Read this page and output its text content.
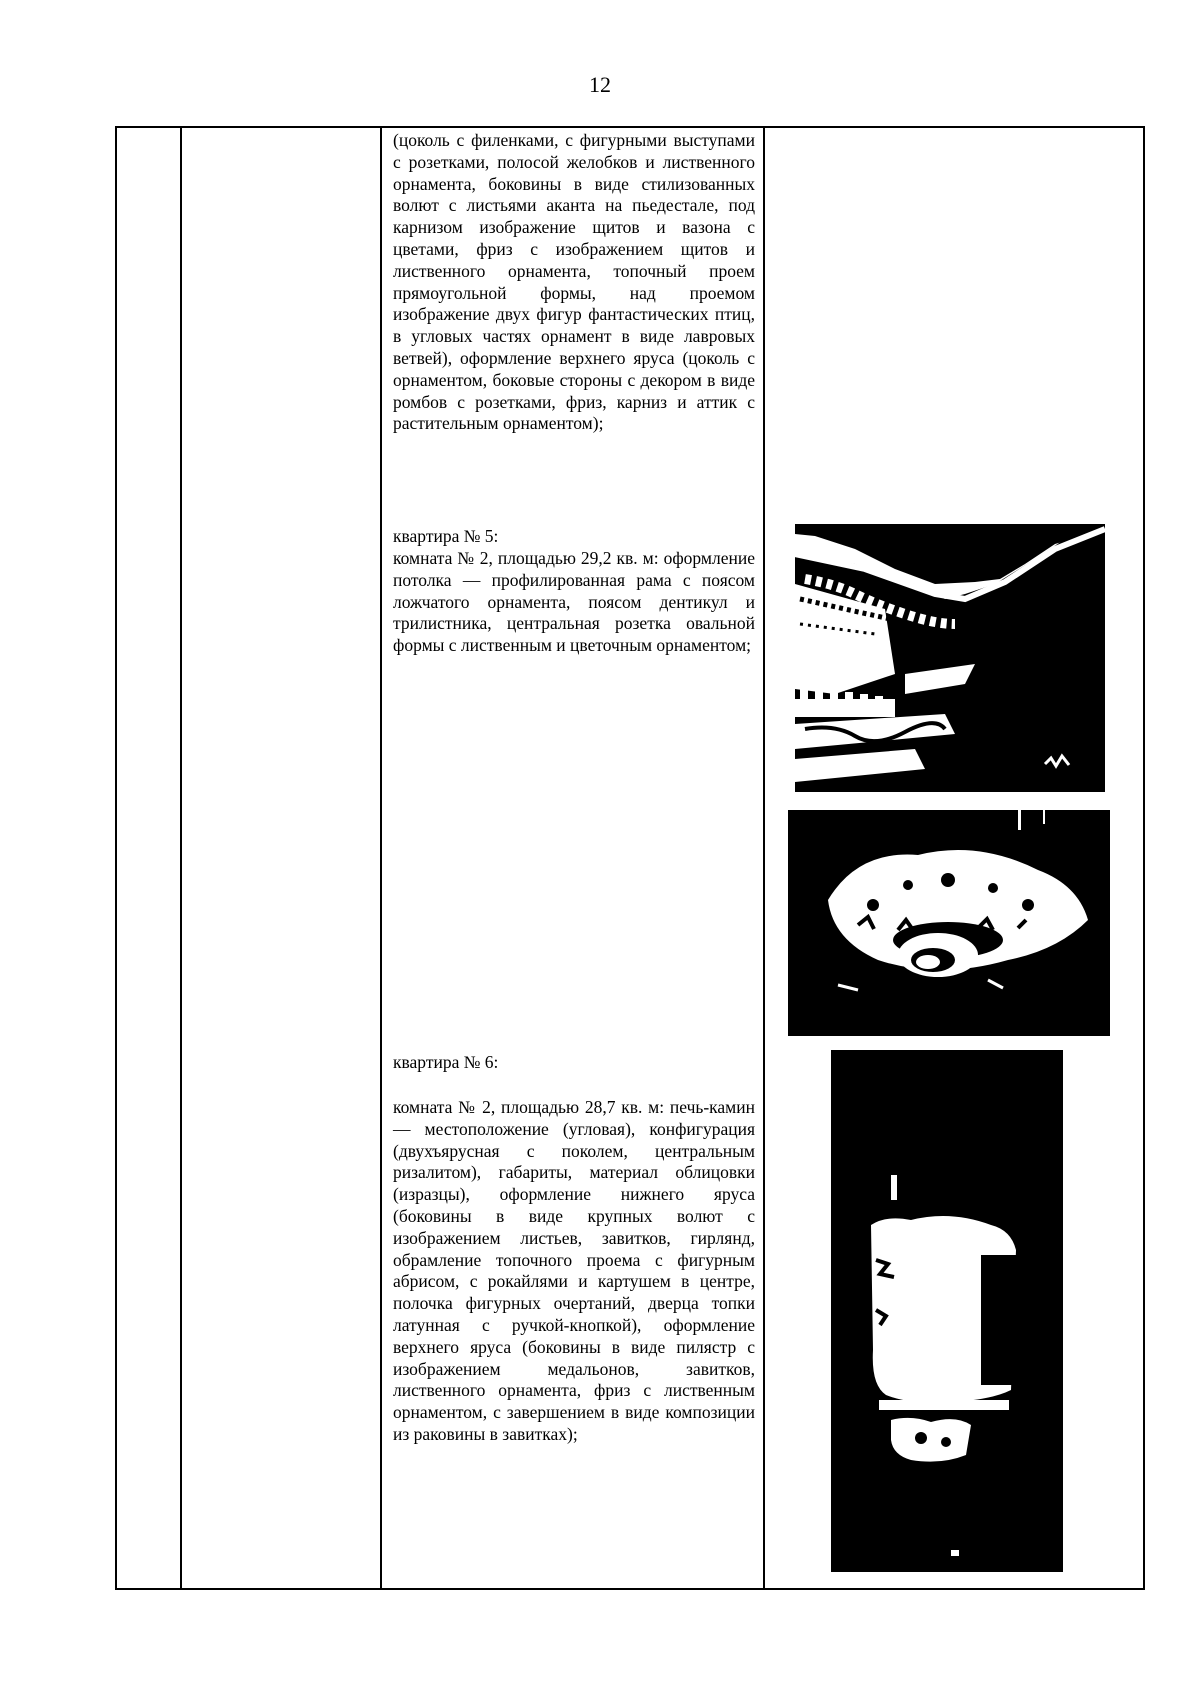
12

(цоколь с филенками, с фигурными выступами с розетками, полосой желобков и лиственного орнамента, боковины в виде стилизованных волют с листьями аканта на пьедестале, под карнизом изображение щитов и вазона с цветами, фриз с изображением щитов и лиственного орнамента, топочный проем прямоугольной формы, над проемом изображение двух фигур фантастических птиц, в угловых частях орнамент в виде лавровых ветвей), оформление верхнего яруса (цоколь с орнаментом, боковые стороны с декором в виде ромбов с розетками, фриз, карниз и аттик с растительным орнаментом);

квартира № 5:
комната № 2, площадью 29,2 кв. м: оформление потолка — профилированная рама с поясом ложчатого орнамента, поясом дентикул и трилистника, центральная розетка овальной формы с лиственным и цветочным орнаментом;
квартира № 6:
комната № 2, площадью 28,7 кв. м: печь-камин — местоположение (угловая), конфигурация (двухъярусная с поколем, центральным ризалитом), габариты, материал облицовки (изразцы), оформление нижнего яруса (боковины в виде крупных волют с изображением листьев, завитков, гирлянд, обрамление топочного проема с фигурным абрисом, с рокайлями и картушем в центре, полочка фигурных очертаний, дверца топки латунная с ручкой-кнопкой), оформление верхнего яруса (боковины в виде пилястр с изображением медальонов, завитков, лиственного орнамента, фриз с лиственным орнаментом, с завершением в виде композиции из раковины в завитках);
